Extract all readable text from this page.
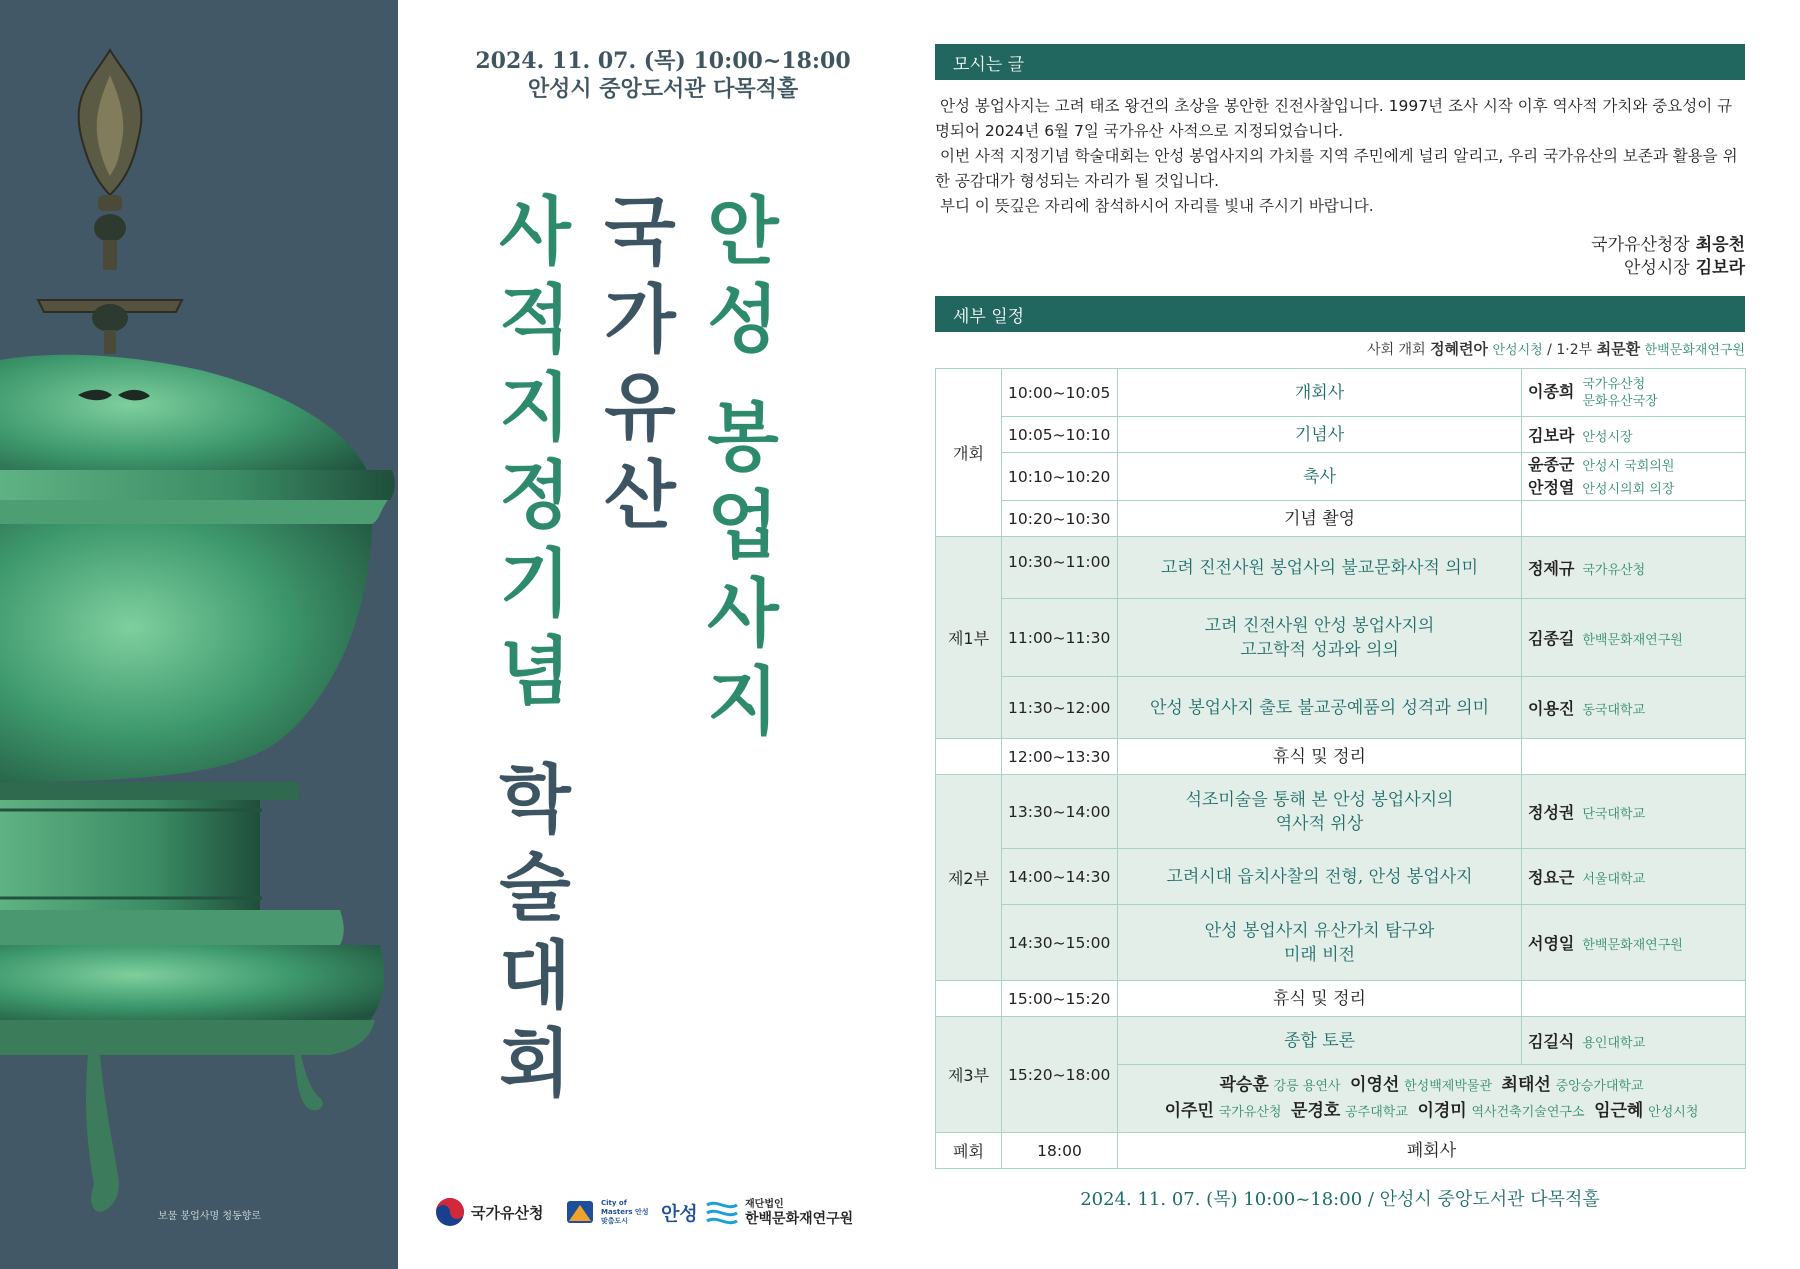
보물 봉업사명 청동향로
2024. 11. 07. (목) 10:00~18:00
안성시 중앙도서관 다목적홀
안
성
봉
업
사
지
국
가
유
산
사
적
지
정
기
념
학
술
대
회
국가유산청
City of Masters 안성맞춤도시	안성	재단법인
한백문화재연구원
모시는 글

안성 봉업사지는 고려 태조 왕건의 초상을 봉안한 진전사찰입니다. 1997년 조사 시작 이후 역사적 가치와 중요성이 규명되어 2024년 6월 7일 국가유산 사적으로 지정되었습니다.

이번 사적 지정기념 학술대회는 안성 봉업사지의 가치를 지역 주민에게 널리 알리고, 우리 국가유산의 보존과 활용을 위한 공감대가 형성되는 자리가 될 것입니다.

부디 이 뜻깊은 자리에 참석하시어 자리를 빛내 주시기 바랍니다.

국가유산청장 최응천
안성시장 김보라
세부 일정
사회 개회 정혜련아 안성시청 / 1·2부 최문환 한백문화재연구원
개회	10:00~10:05	개회사	이종희 국가유산청
문화유산국장
	10:05~10:10	기념사	김보라 안성시장
	10:10~10:20	축사	윤종군 안성시 국회의원
안정열 안성시의회 의장
	10:20~10:30	기념 촬영	
제1부	10:30~11:00	고려 진전사원 봉업사의 불교문화사적 의미	정제규 국가유산청
	11:00~11:30	고려 진전사원 안성 봉업사지의
고고학적 성과와 의의	김종길 한백문화재연구원
	11:30~12:00	안성 봉업사지 출토 불교공예품의 성격과 의미	이용진 동국대학교
	12:00~13:30	휴식 및 정리	
제2부	13:30~14:00	석조미술을 통해 본 안성 봉업사지의
역사적 위상	정성권 단국대학교
	14:00~14:30	고려시대 읍치사찰의 전형, 안성 봉업사지	정요근 서울대학교
	14:30~15:00	안성 봉업사지 유산가치 탐구와
미래 비전	서영일 한백문화재연구원
	15:00~15:20	휴식 및 정리	
제3부	15:20~18:00	종합 토론	김길식 용인대학교
		곽승훈 강릉 용연사 이영선 한성백제박물관 최태선 중앙승가대학교
이주민 국가유산청 문경호 공주대학교 이경미 역사건축기술연구소 임근혜 안성시청	
폐회	18:00	폐회사	
2024. 11. 07. (목) 10:00~18:00 / 안성시 중앙도서관 다목적홀
